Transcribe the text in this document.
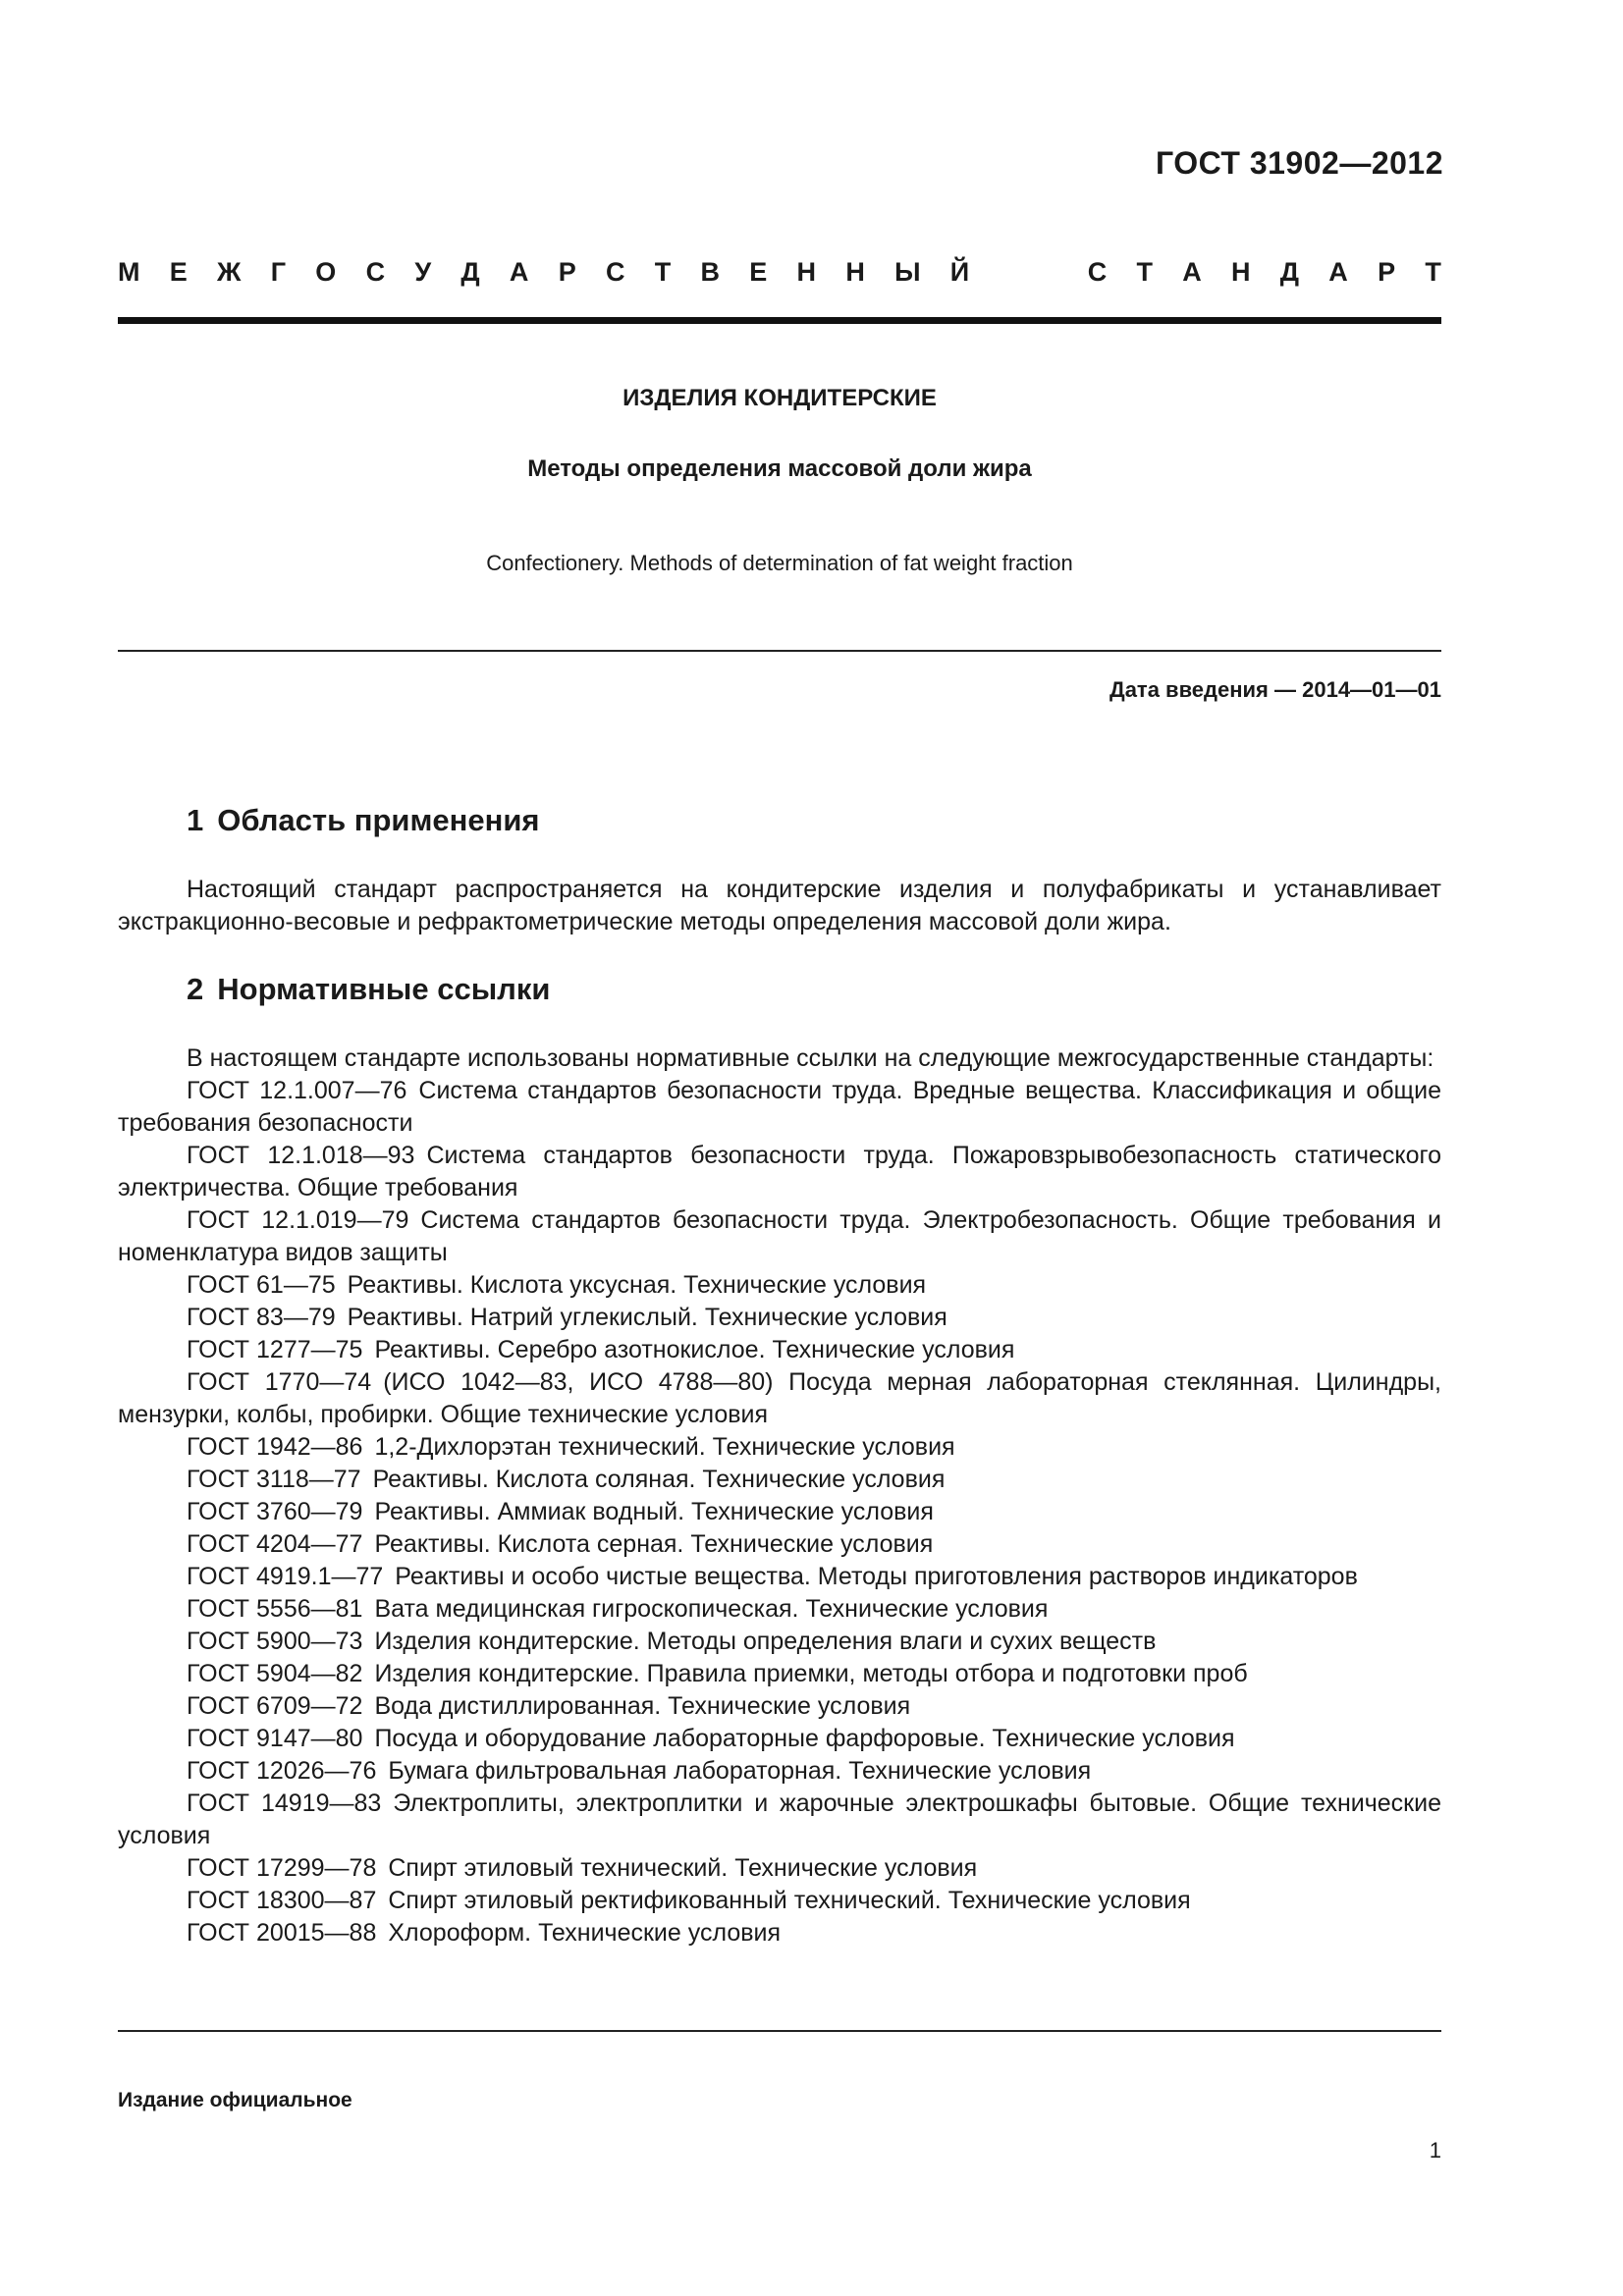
ГОСТ 31902—2012
М Е Ж Г О С У Д А Р С Т В Е Н Н Ы Й	С Т А Н Д А Р Т
ИЗДЕЛИЯ КОНДИТЕРСКИЕ
Методы определения массовой доли жира
Confectionery. Methods of determination of fat weight fraction
Дата введения — 2014—01—01
1 Область применения

Настоящий стандарт распространяется на кондитерские изделия и полуфабрикаты и устанавливает экстракционно-весовые и рефрактометрические методы определения массовой доли жира.

2 Нормативные ссылки

В настоящем стандарте использованы нормативные ссылки на следующие межгосударственные стандарты:

ГОСТ 12.1.007—76 Система стандартов безопасности труда. Вредные вещества. Классификация и общие требования безопасности

ГОСТ 12.1.018—93 Система стандартов безопасности труда. Пожаровзрывобезопасность статического электричества. Общие требования

ГОСТ 12.1.019—79 Система стандартов безопасности труда. Электробезопасность. Общие требования и номенклатура видов защиты

ГОСТ 61—75 Реактивы. Кислота уксусная. Технические условия

ГОСТ 83—79 Реактивы. Натрий углекислый. Технические условия

ГОСТ 1277—75 Реактивы. Серебро азотнокислое. Технические условия

ГОСТ 1770—74 (ИСО 1042—83, ИСО 4788—80) Посуда мерная лабораторная стеклянная. Цилиндры, мензурки, колбы, пробирки. Общие технические условия

ГОСТ 1942—86 1,2-Дихлорэтан технический. Технические условия

ГОСТ 3118—77 Реактивы. Кислота соляная. Технические условия

ГОСТ 3760—79 Реактивы. Аммиак водный. Технические условия

ГОСТ 4204—77 Реактивы. Кислота серная. Технические условия

ГОСТ 4919.1—77 Реактивы и особо чистые вещества. Методы приготовления растворов индикаторов

ГОСТ 5556—81 Вата медицинская гигроскопическая. Технические условия

ГОСТ 5900—73 Изделия кондитерские. Методы определения влаги и сухих веществ

ГОСТ 5904—82 Изделия кондитерские. Правила приемки, методы отбора и подготовки проб

ГОСТ 6709—72 Вода дистиллированная. Технические условия

ГОСТ 9147—80 Посуда и оборудование лабораторные фарфоровые. Технические условия

ГОСТ 12026—76 Бумага фильтровальная лабораторная. Технические условия

ГОСТ 14919—83 Электроплиты, электроплитки и жарочные электрошкафы бытовые. Общие технические условия

ГОСТ 17299—78 Спирт этиловый технический. Технические условия

ГОСТ 18300—87 Спирт этиловый ректификованный технический. Технические условия

ГОСТ 20015—88 Хлороформ. Технические условия

Издание официальное
1
